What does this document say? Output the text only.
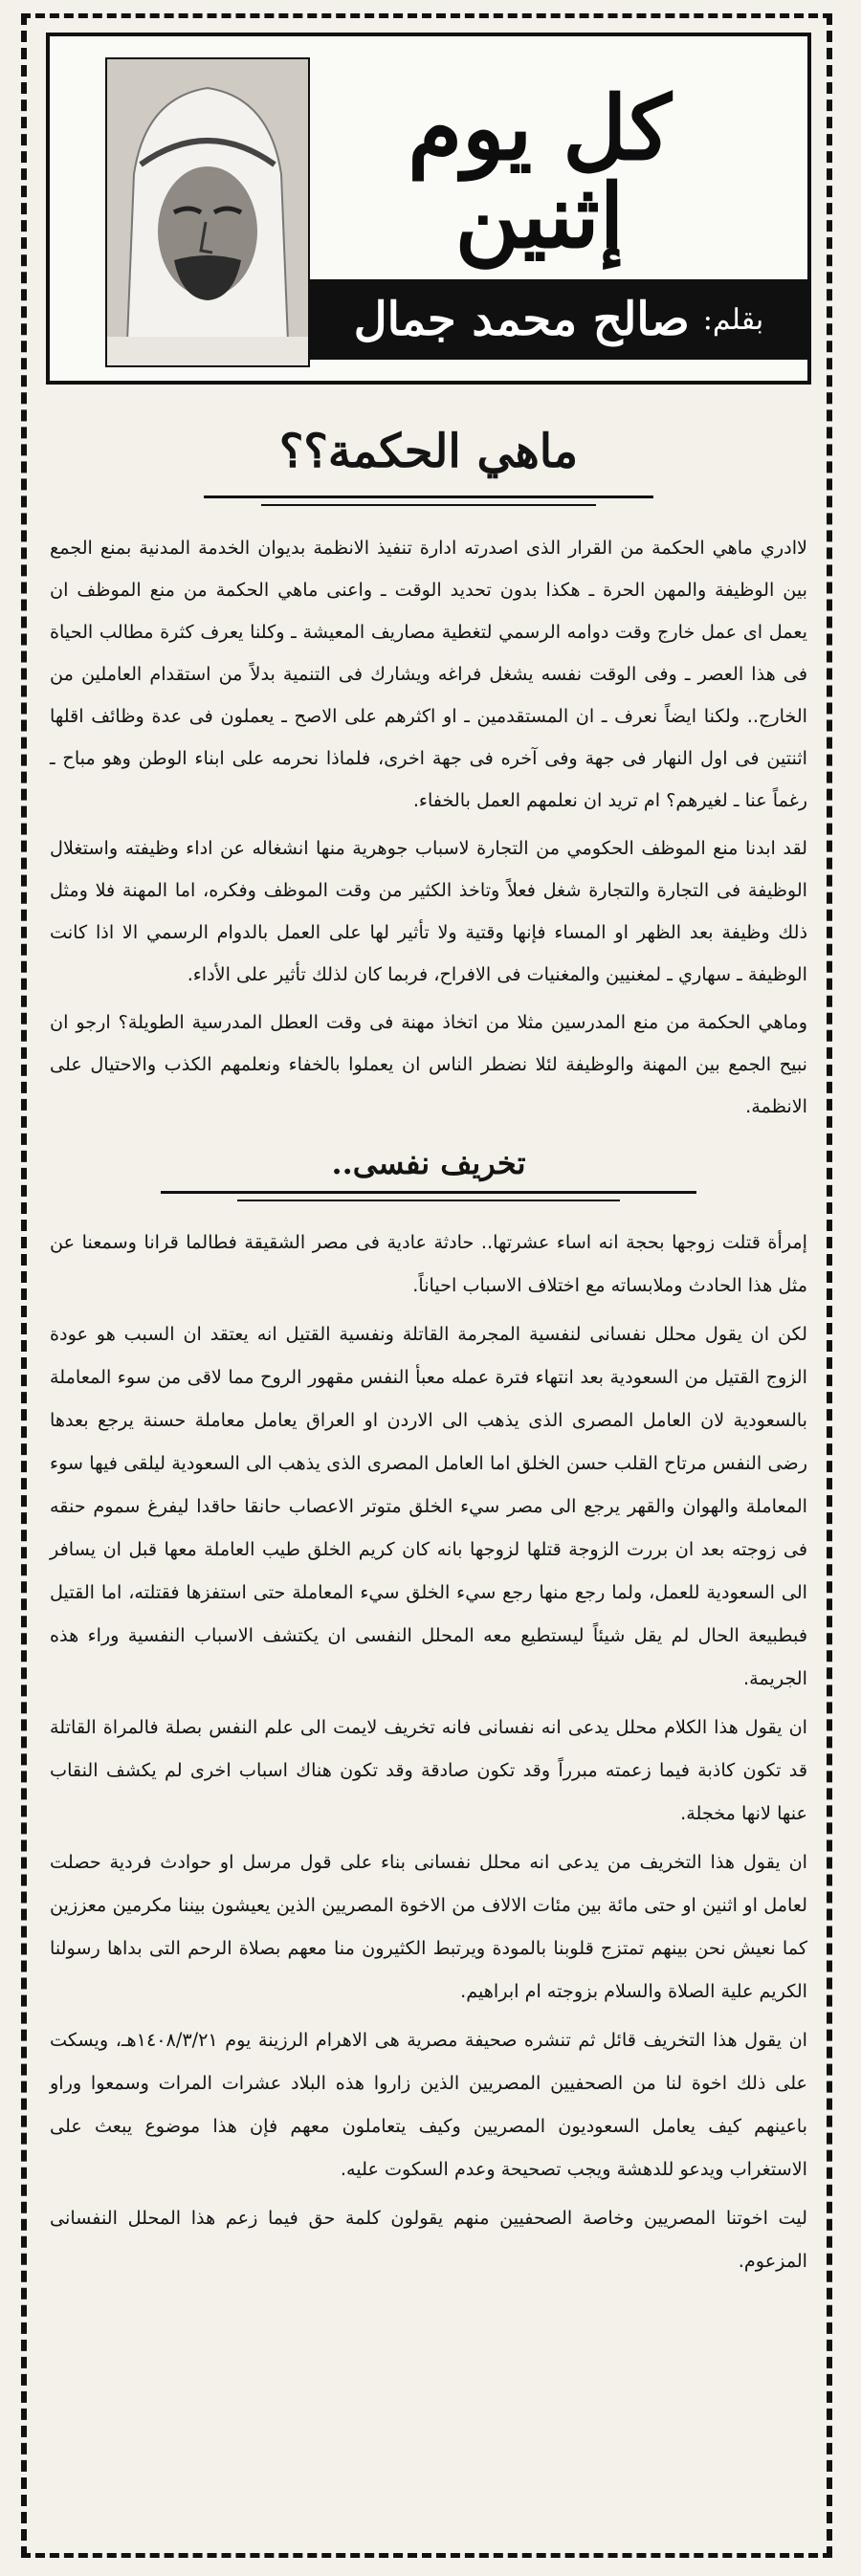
كل يوم إثنين
بقلم:
صالح محمد جمال
ماهي الحكمة؟؟

لاادري ماهي الحكمة من القرار الذى اصدرته ادارة تنفيذ الانظمة بديوان الخدمة المدنية بمنع الجمع بين الوظيفة والمهن الحرة ـ هكذا بدون تحديد الوقت ـ واعنى ماهي الحكمة من منع الموظف ان يعمل اى عمل خارج وقت دوامه الرسمي لتغطية مصاريف المعيشة ـ وكلنا يعرف كثرة مطالب الحياة فى هذا العصر ـ وفى الوقت نفسه يشغل فراغه ويشارك فى التنمية بدلاً من استقدام العاملين من الخارج.. ولكنا ايضاً نعرف ـ ان المستقدمين ـ او اكثرهم على الاصح ـ يعملون فى عدة وظائف اقلها اثنتين فى اول النهار فى جهة وفى آخره فى جهة اخرى، فلماذا نحرمه على ابناء الوطن وهو مباح ـ رغماً عنا ـ لغيرهم؟ ام تريد ان نعلمهم العمل بالخفاء.

لقد ابدنا منع الموظف الحكومي من التجارة لاسباب جوهرية منها انشغاله عن اداء وظيفته واستغلال الوظيفة فى التجارة والتجارة شغل فعلاً وتاخذ الكثير من وقت الموظف وفكره، اما المهنة فلا ومثل ذلك وظيفة بعد الظهر او المساء فإنها وقتية ولا تأثير لها على العمل بالدوام الرسمي الا اذا كانت الوظيفة ـ سهاري ـ لمغنيين والمغنيات فى الافراح، فربما كان لذلك تأثير على الأداء.

وماهي الحكمة من منع المدرسين مثلا من اتخاذ مهنة فى وقت العطل المدرسية الطويلة؟ ارجو ان نبيح الجمع بين المهنة والوظيفة لئلا نضطر الناس ان يعملوا بالخفاء ونعلمهم الكذب والاحتيال على الانظمة.

تخريف نفسى..

إمرأة قتلت زوجها بحجة انه اساء عشرتها.. حادثة عادية فى مصر الشقيقة فطالما قرانا وسمعنا عن مثل هذا الحادث وملابساته مع اختلاف الاسباب احياناً.

لكن ان يقول محلل نفسانى لنفسية المجرمة القاتلة ونفسية القتيل انه يعتقد ان السبب هو عودة الزوج القتيل من السعودية بعد انتهاء فترة عمله معبأ النفس مقهور الروح مما لاقى من سوء المعاملة بالسعودية لان العامل المصرى الذى يذهب الى الاردن او العراق يعامل معاملة حسنة يرجع بعدها رضى النفس مرتاح القلب حسن الخلق اما العامل المصرى الذى يذهب الى السعودية ليلقى فيها سوء المعاملة والهوان والقهر يرجع الى مصر سيء الخلق متوتر الاعصاب حانقا حاقدا ليفرغ سموم حنقه فى زوجته بعد ان بررت الزوجة قتلها لزوجها بانه كان كريم الخلق طيب العاملة معها قبل ان يسافر الى السعودية للعمل، ولما رجع منها رجع سيء الخلق سيء المعاملة حتى استفزها فقتلته، اما القتيل فبطبيعة الحال لم يقل شيئاً ليستطيع معه المحلل النفسى ان يكتشف الاسباب النفسية وراء هذه الجريمة.

ان يقول هذا الكلام محلل يدعى انه نفسانى فانه تخريف لايمت الى علم النفس بصلة فالمراة القاتلة قد تكون كاذبة فيما زعمته مبرراً وقد تكون صادقة وقد تكون هناك اسباب اخرى لم يكشف النقاب عنها لانها مخجلة.

ان يقول هذا التخريف من يدعى انه محلل نفسانى بناء على قول مرسل او حوادث فردية حصلت لعامل او اثنين او حتى مائة بين مئات الالاف من الاخوة المصريين الذين يعيشون بيننا مكرمين معززين كما نعيش نحن بينهم تمتزج قلوبنا بالمودة ويرتبط الكثيرون منا معهم بصلاة الرحم التى بداها رسولنا الكريم علية الصلاة والسلام بزوجته ام ابراهيم.

ان يقول هذا التخريف قائل ثم تنشره صحيفة مصرية هى الاهرام الرزينة يوم ١٤٠٨/٣/٢١هـ، ويسكت على ذلك اخوة لنا من الصحفيين المصريين الذين زاروا هذه البلاد عشرات المرات وسمعوا وراو باعينهم كيف يعامل السعوديون المصريين وكيف يتعاملون معهم فإن هذا موضوع يبعث على الاستغراب ويدعو للدهشة ويجب تصحيحة وعدم السكوت عليه.

ليت اخوتنا المصريين وخاصة الصحفيين منهم يقولون كلمة حق فيما زعم هذا المحلل النفسانى المزعوم.
